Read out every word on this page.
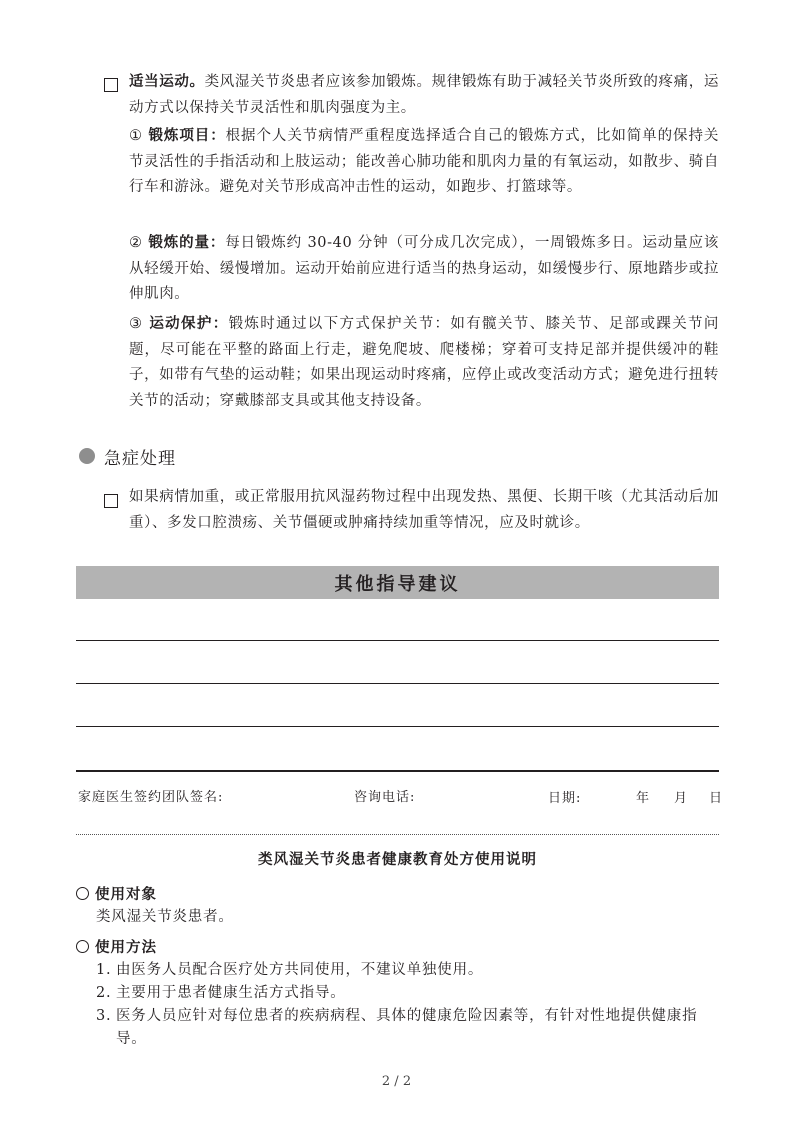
适当运动。类风湿关节炎患者应该参加锻炼。规律锻炼有助于减轻关节炎所致的疼痛，运动方式以保持关节灵活性和肌肉强度为主。
① 锻炼项目：根据个人关节病情严重程度选择适合自己的锻炼方式，比如简单的保持关节灵活性的手指活动和上肢运动；能改善心肺功能和肌肉力量的有氧运动，如散步、骑自行车和游泳。避免对关节形成高冲击性的运动，如跑步、打篮球等。
② 锻炼的量：每日锻炼约 30-40 分钟（可分成几次完成），一周锻炼多日。运动量应该从轻缓开始、缓慢增加。运动开始前应进行适当的热身运动，如缓慢步行、原地踏步或拉伸肌肉。
③ 运动保护：锻炼时通过以下方式保护关节：如有髋关节、膝关节、足部或踝关节问题，尽可能在平整的路面上行走，避免爬坡、爬楼梯；穿着可支持足部并提供缓冲的鞋子，如带有气垫的运动鞋；如果出现运动时疼痛，应停止或改变活动方式；避免进行扭转关节的活动；穿戴膝部支具或其他支持设备。
急症处理
如果病情加重，或正常服用抗风湿药物过程中出现发热、黑便、长期干咳（尤其活动后加重）、多发口腔溃疡、关节僵硬或肿痛持续加重等情况，应及时就诊。
其他指导建议
家庭医生签约团队签名:	咨询电话:	日期:	年 月 日
类风湿关节炎患者健康教育处方使用说明
使用对象
类风湿关节炎患者。
使用方法
1. 由医务人员配合医疗处方共同使用，不建议单独使用。
2. 主要用于患者健康生活方式指导。
3. 医务人员应针对每位患者的疾病病程、具体的健康危险因素等，有针对性地提供健康指导。
2 / 2
